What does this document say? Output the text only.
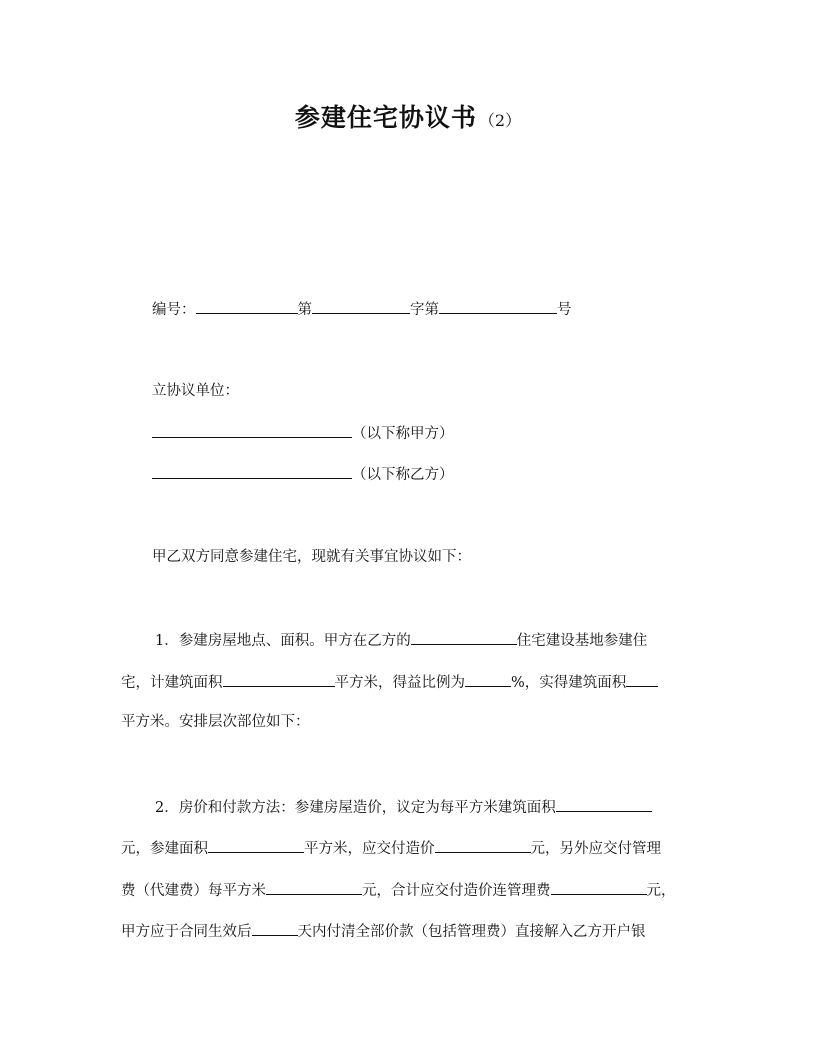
参建住宅协议书 （2）
编号：	第	字第	号
立协议单位：
（以下称甲方）
（以下称乙方）
甲乙双方同意参建住宅，现就有关事宜协议如下：
1．参建房屋地点、面积。甲方在乙方的	住宅建设基地参建住
宅，计建筑面积	平方米，得益比例为	%，实得建筑面积
平方米。安排层次部位如下：
2．房价和付款方法：参建房屋造价，议定为每平方米建筑面积
元，参建面积	平方米，应交付造价	元，另外应交付管理
费（代建费）每平方米	元，合计应交付造价连管理费	元，
甲方应于合同生效后	天内付清全部价款（包括管理费）直接解入乙方开户银
